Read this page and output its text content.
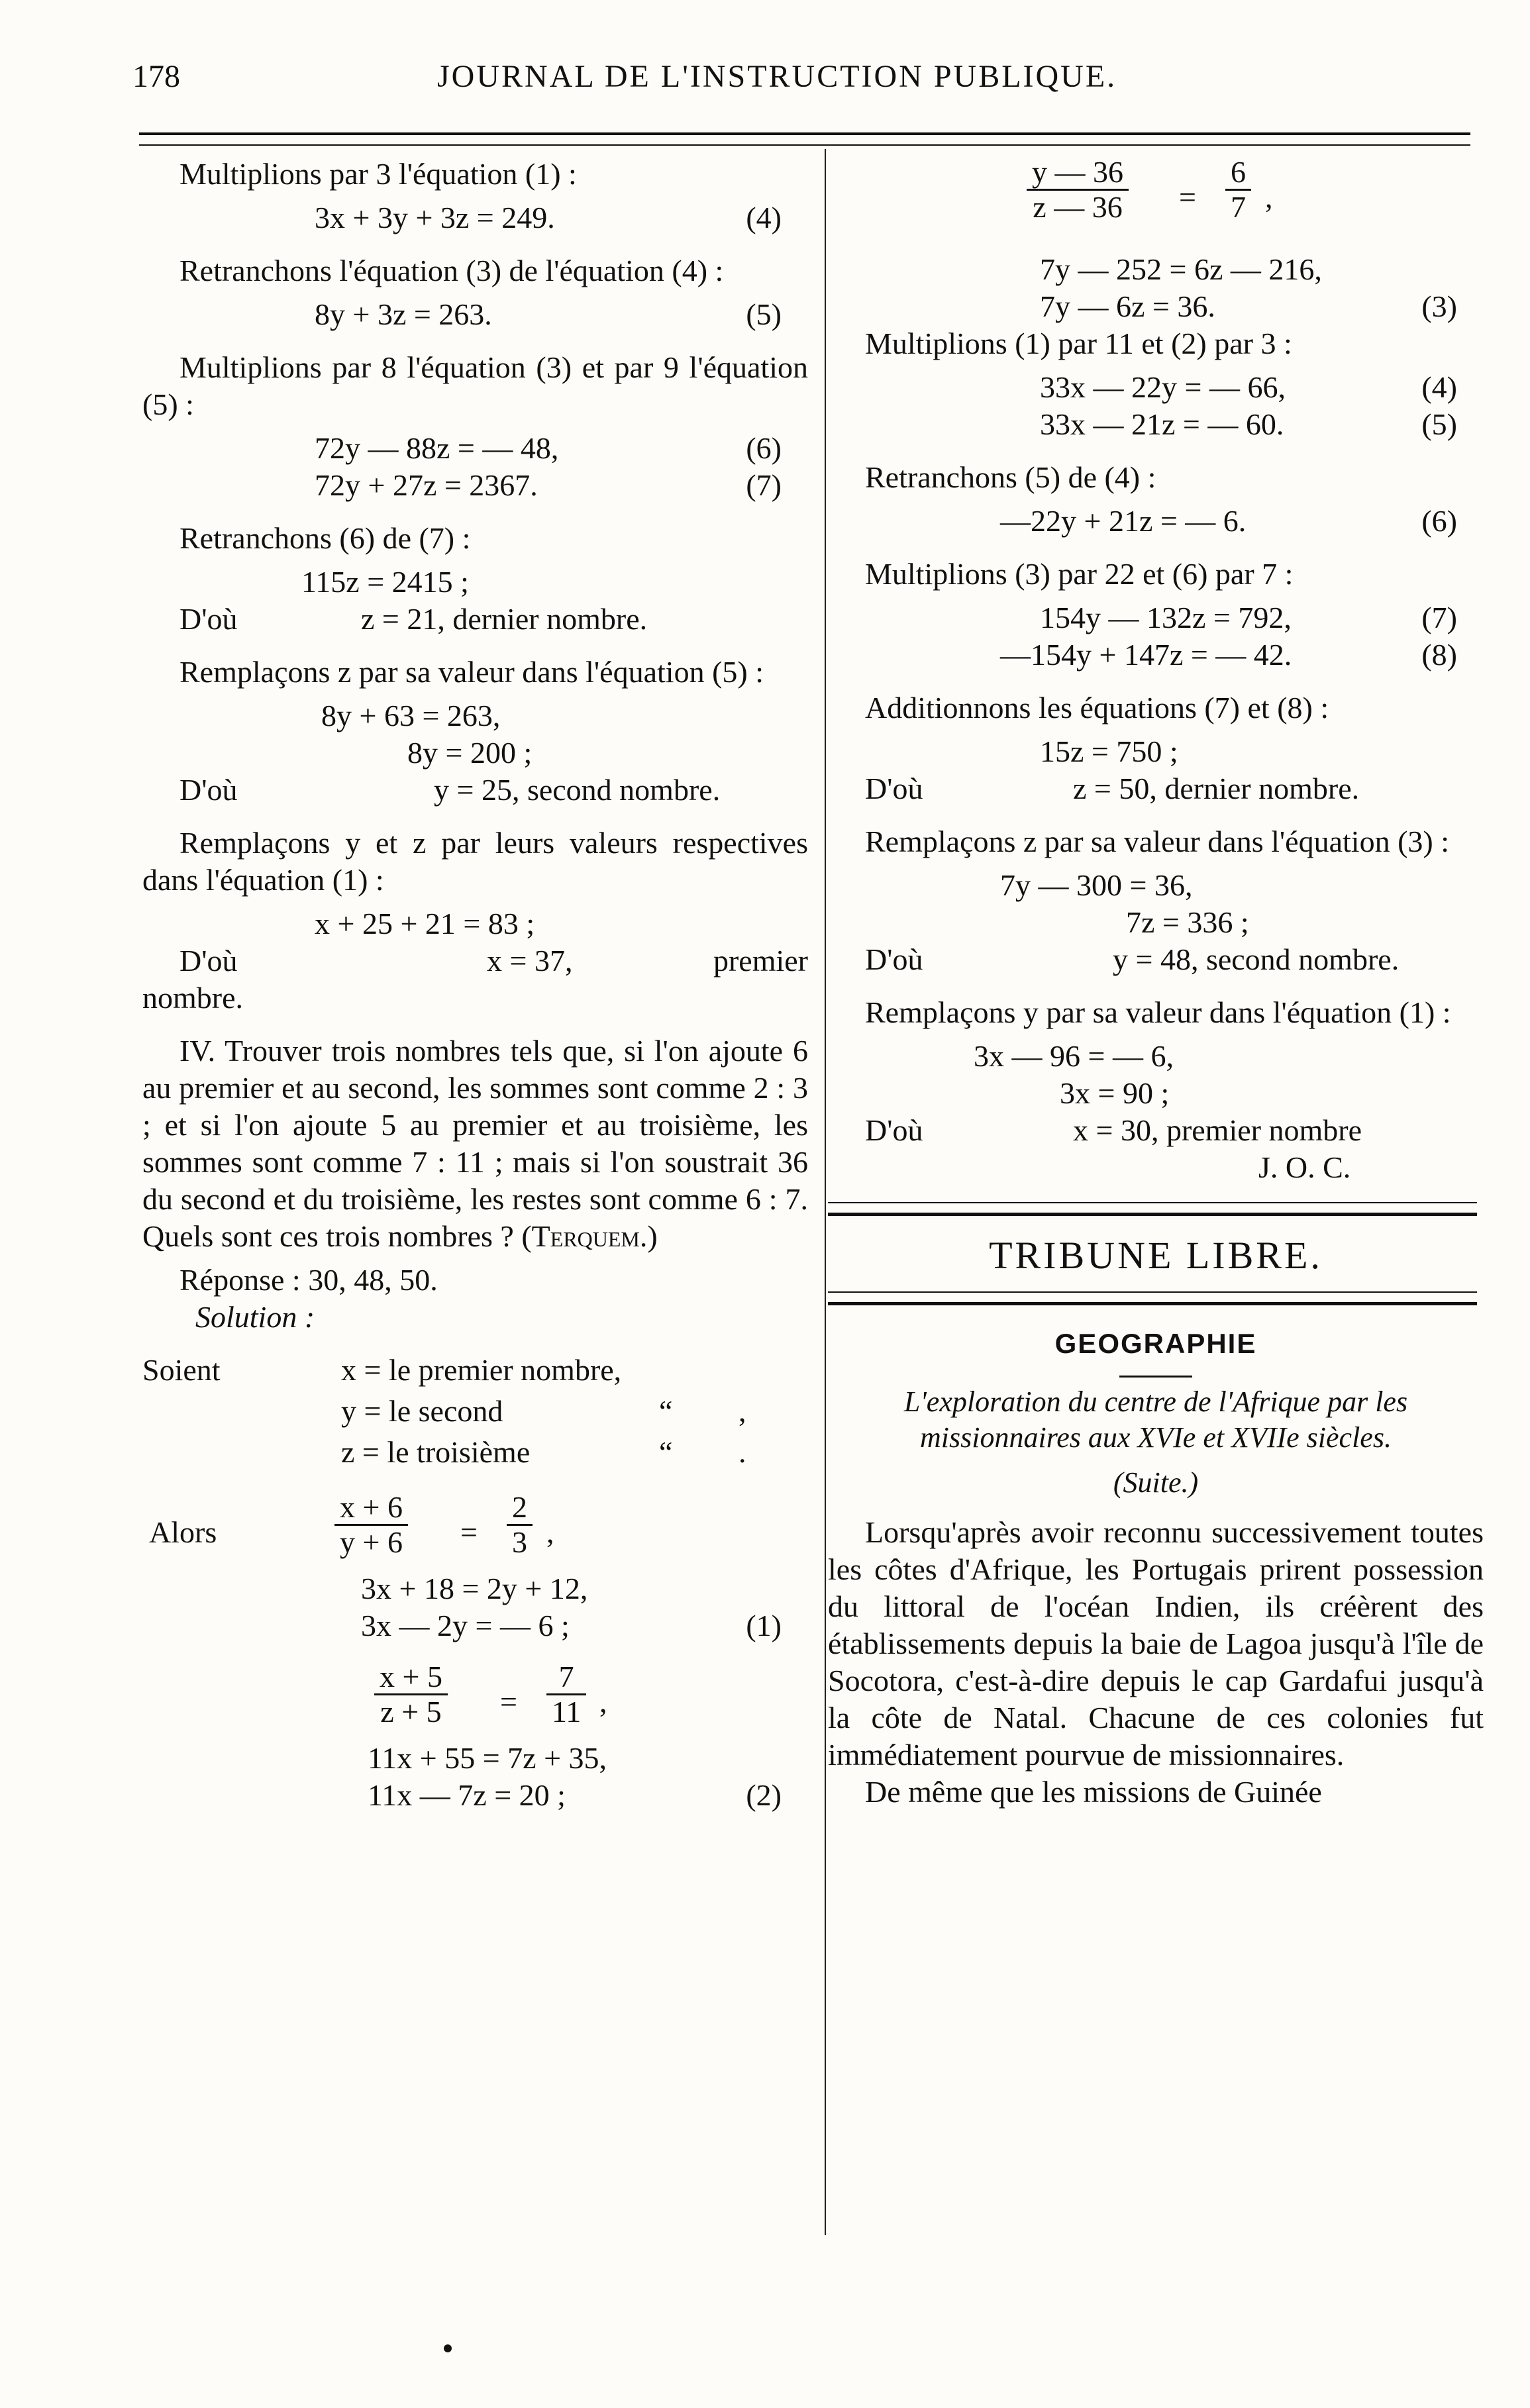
178	JOURNAL DE L'INSTRUCTION PUBLIQUE.

Multiplions par 3 l'équation (1) :

3x + 3y + 3z = 249.	(4)

Retranchons l'équation (3) de l'équation (4) :

8y + 3z = 263.	(5)

Multiplions par 8 l'équation (3) et par 9 l'équation (5) :

72y — 88z = — 48,	(6)
72y + 27z = 2367.	(7)

Retranchons (6) de (7) :

115z = 2415 ;
D'où	z = 21, dernier nombre.

Remplaçons z par sa valeur dans l'équation (5) :

8y + 63 = 263,
8y = 200 ;
D'où	y = 25, second nombre.

Remplaçons y et z par leurs valeurs respectives dans l'équation (1) :

x + 25 + 21 = 83 ;
D'où	x = 37,	premier
nombre.

IV. Trouver trois nombres tels que, si l'on ajoute 6 au premier et au second, les sommes sont comme 2 : 3 ; et si l'on ajoute 5 au premier et au troisième, les sommes sont comme 7 : 11 ; mais si l'on soustrait 36 du second et du troisième, les restes sont comme 6 : 7. Quels sont ces trois nombres ? (Terquem.)

Réponse : 30, 48, 50.
Solution :
Soient	x = le premier nombre,
y = le second	“ ,
z = le troisième	“ .
Alors	$\frac{x + 6}{y + 6} = \frac{2}{3}$ ,
3x + 18 = 2y + 12,
3x — 2y = — 6 ;	(1)
$\frac{x + 5}{z + 5} = \frac{7}{11}$ ,
11x + 55 = 7z + 35,
11x — 7z = 20 ;	(2)
$\frac{y — 36}{z — 36} = \frac{6}{7}$ ,
7y — 252 = 6z — 216,
7y — 6z = 36.	(3)

Multiplions (1) par 11 et (2) par 3 :

33x — 22y = — 66,	(4)
33x — 21z = — 60.	(5)

Retranchons (5) de (4) :

—22y + 21z = — 6.	(6)

Multiplions (3) par 22 et (6) par 7 :

154y — 132z = 792,	(7)
—154y + 147z = — 42.	(8)

Additionnons les équations (7) et (8) :

15z = 750 ;
D'où	z = 50, dernier nombre.

Remplaçons z par sa valeur dans l'équation (3) :

7y — 300 = 36,
7z = 336 ;
D'où	y = 48, second nombre.

Remplaçons y par sa valeur dans l'équation (1) :

3x — 96 = — 6,
3x = 90 ;
D'où	x = 30, premier nombre
J. O. C.
TRIBUNE LIBRE.
GEOGRAPHIE
L'exploration du centre de l'Afrique par les missionnaires aux XVIe et XVIIe siècles.
(Suite.)

Lorsqu'après avoir reconnu successivement toutes les côtes d'Afrique, les Portugais prirent possession du littoral de l'océan Indien, ils créèrent des établissements depuis la baie de Lagoa jusqu'à l'île de Socotora, c'est-à-dire depuis le cap Gardafui jusqu'à la côte de Natal. Chacune de ces colonies fut immédiatement pourvue de missionnaires.

De même que les missions de Guinée
